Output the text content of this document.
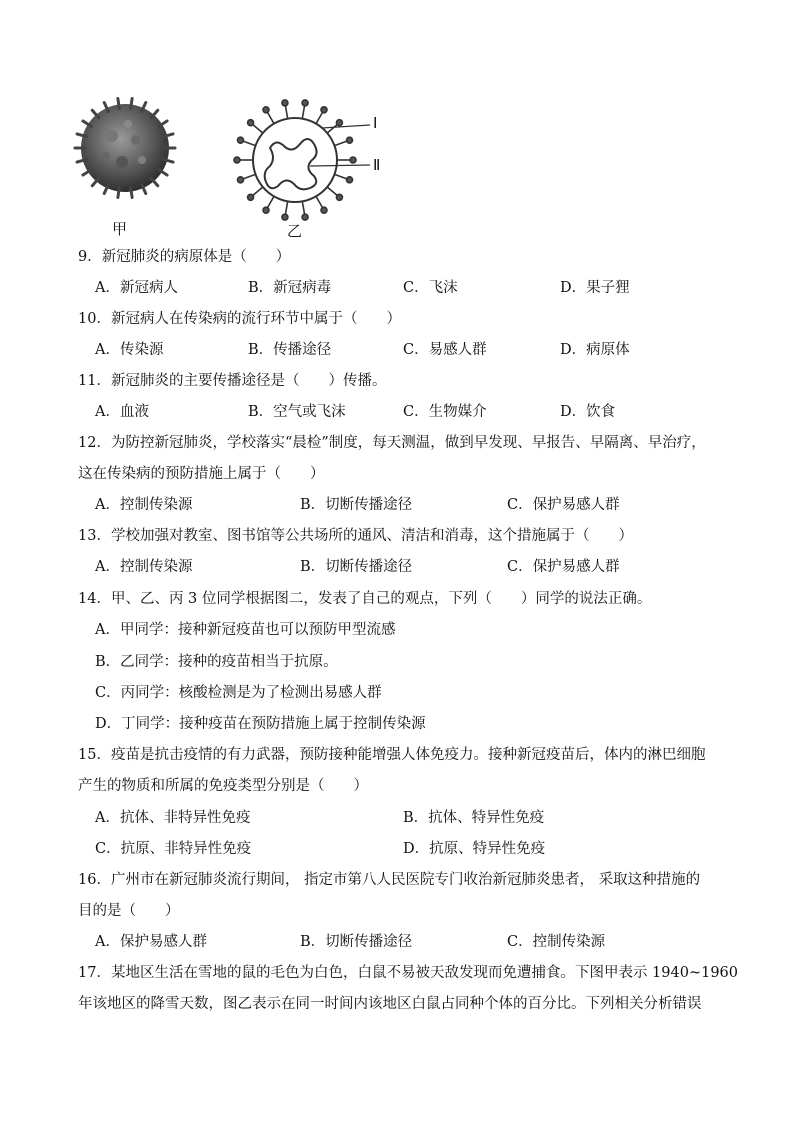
甲	乙
Ⅰ
Ⅱ
9．新冠肺炎的病原体是（　　）
A．新冠病人	B．新冠病毒	C．飞沫	D．果子狸
10．新冠病人在传染病的流行环节中属于（　　）
A．传染源	B．传播途径	C．易感人群	D．病原体
11．新冠肺炎的主要传播途径是（　　）传播。
A．血液	B．空气或飞沫	C．生物媒介	D．饮食
12．为防控新冠肺炎，学校落实“晨检”制度，每天测温，做到早发现、早报告、早隔离、早治疗，
这在传染病的预防措施上属于（　　）
A．控制传染源	B．切断传播途径	C．保护易感人群
13．学校加强对教室、图书馆等公共场所的通风、清洁和消毒，这个措施属于（　　）
A．控制传染源	B．切断传播途径	C．保护易感人群
14．甲、乙、丙 3 位同学根据图二，发表了自己的观点，下列（　　）同学的说法正确。
A．甲同学：接种新冠疫苗也可以预防甲型流感
B．乙同学：接种的疫苗相当于抗原。
C．丙同学：核酸检测是为了检测出易感人群
D．丁同学：接种疫苗在预防措施上属于控制传染源
15．疫苗是抗击疫情的有力武器，预防接种能增强人体免疫力。接种新冠疫苗后，体内的淋巴细胞
产生的物质和所属的免疫类型分别是（　　）
A．抗体、非特异性免疫	B．抗体、特异性免疫
C．抗原、非特异性免疫	D．抗原、特异性免疫
16．广州市在新冠肺炎流行期间， 指定市第八人民医院专门收治新冠肺炎患者， 采取这种措施的
目的是（　　）
A．保护易感人群	B．切断传播途径	C．控制传染源
17．某地区生活在雪地的鼠的毛色为白色，白鼠不易被天敌发现而免遭捕食。下图甲表示 1940~1960
年该地区的降雪天数，图乙表示在同一时间内该地区白鼠占同种个体的百分比。下列相关分析错误
